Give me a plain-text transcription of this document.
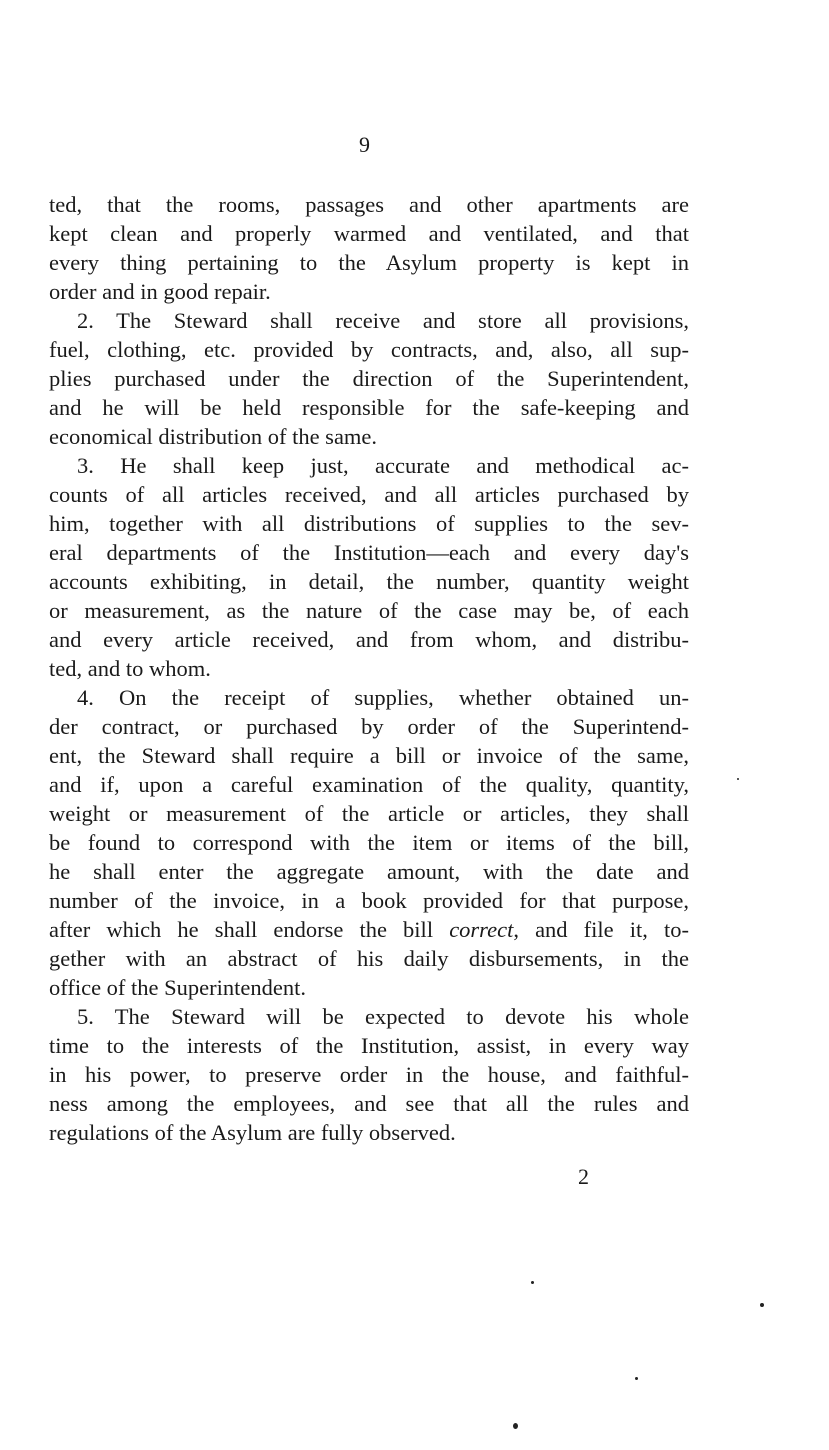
9
ted, that the rooms, passages and other apartments are
kept clean and properly warmed and ventilated, and that
every thing pertaining to the Asylum property is kept in
order and in good repair.
2. The Steward shall receive and store all provisions,
fuel, clothing, etc. provided by contracts, and, also, all sup-
plies purchased under the direction of the Superintendent,
and he will be held responsible for the safe-keeping and
economical distribution of the same.
3. He shall keep just, accurate and methodical ac-
counts of all articles received, and all articles purchased by
him, together with all distributions of supplies to the sev-
eral departments of the Institution—each and every day's
accounts exhibiting, in detail, the number, quantity weight
or measurement, as the nature of the case may be, of each
and every article received, and from whom, and distribu-
ted, and to whom.
4. On the receipt of supplies, whether obtained un-
der contract, or purchased by order of the Superintend-
ent, the Steward shall require a bill or invoice of the same,
and if, upon a careful examination of the quality, quantity,
weight or measurement of the article or articles, they shall
be found to correspond with the item or items of the bill,
he shall enter the aggregate amount, with the date and
number of the invoice, in a book provided for that purpose,
after which he shall endorse the bill correct, and file it, to-
gether with an abstract of his daily disbursements, in the
office of the Superintendent.
5. The Steward will be expected to devote his whole
time to the interests of the Institution, assist, in every way
in his power, to preserve order in the house, and faithful-
ness among the employees, and see that all the rules and
regulations of the Asylum are fully observed.
2
